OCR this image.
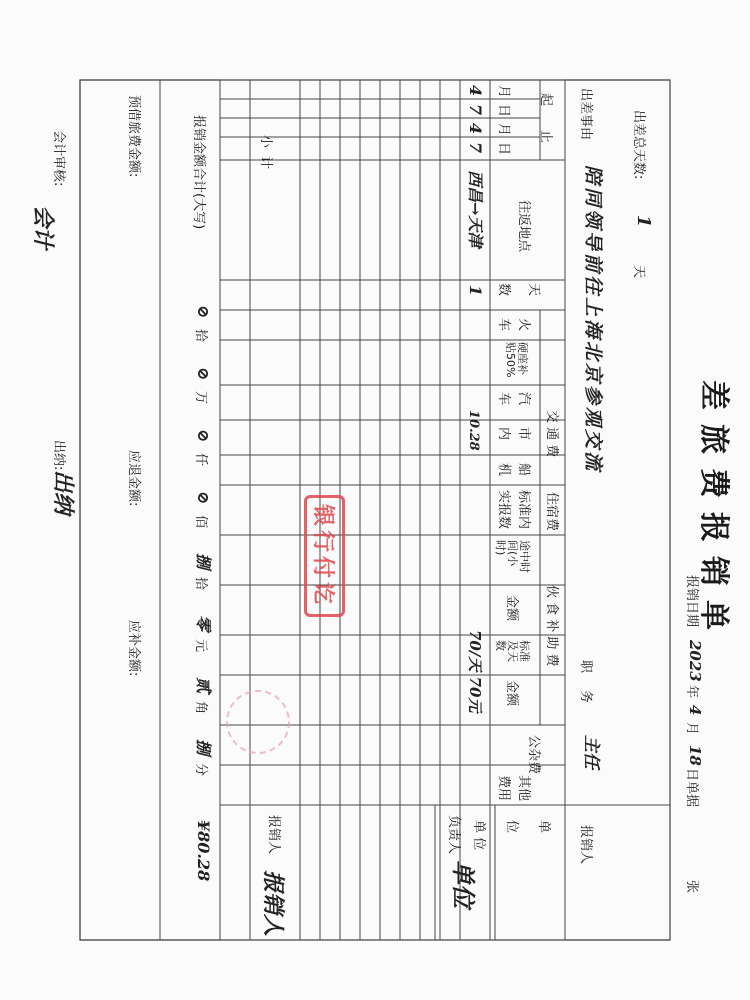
差旅费报销单
报销日期
2023
年
4
月
18
日单据
张
出差总天数:
1
天
出差事由
陪同领导前往上海北京参观交流
职
务
主任
报销人
起
止
月
日
月
日
往返地点
天
数
交 通 费
火
车
硬座补贴50%
汽
车
市
内
船
机
住宿费
标准内
实报数
伙 食 补 助 费
途中时间(小时)
金额
标准及天数
金额
公杂费
其他
费用
单
位
单 位
负责人
报销人
4
7
4
7
西昌→天津
1
10.28
70/天 70元
小 计
报销金额合计(大写)
⊘
拾
⊘
万
⊘
仟
⊘
佰
捌
拾
零
元
贰
角
捌
分
¥80.28
预借旅费金额:
应退金额:
应补金额:
会计审核:
出纳:
会计
出纳
单位
报销人
银行付讫
